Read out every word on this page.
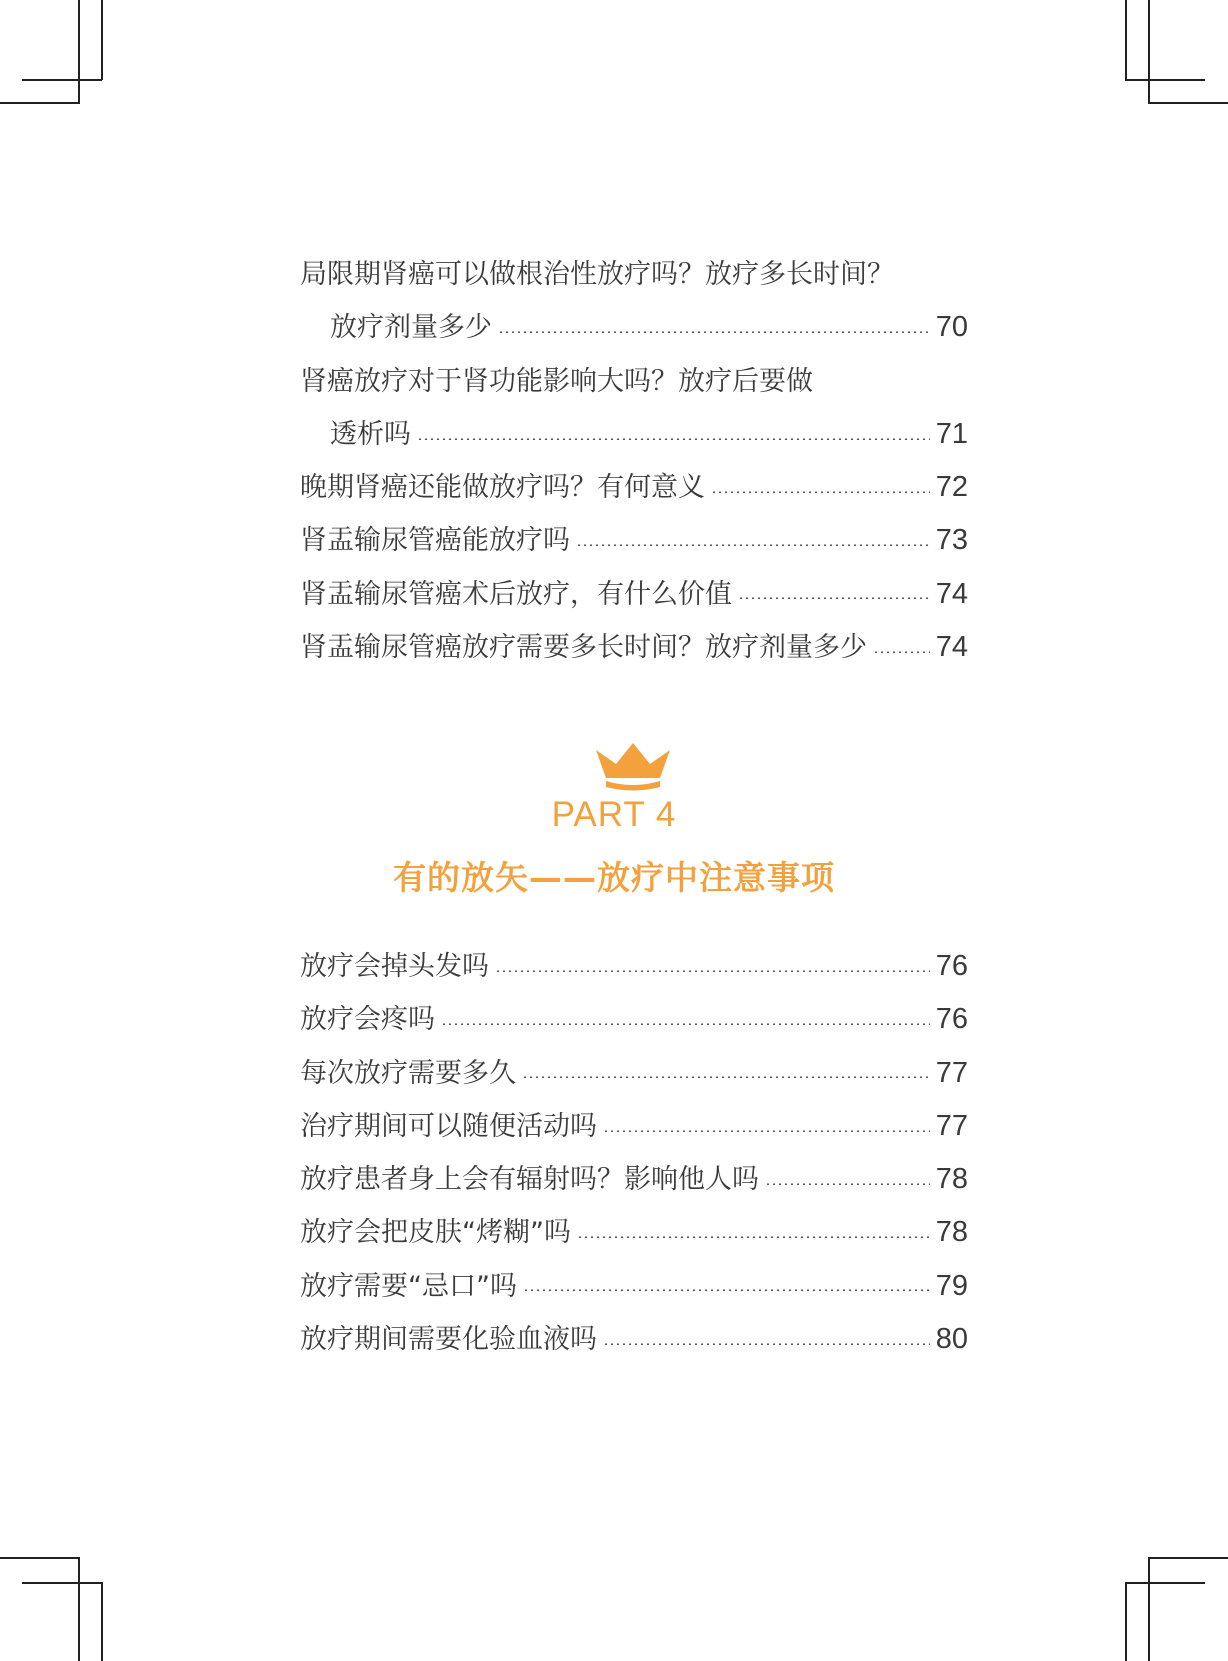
局限期肾癌可以做根治性放疗吗？放疗多长时间？
放疗剂量多少	70
肾癌放疗对于肾功能影响大吗？放疗后要做
透析吗	71
晚期肾癌还能做放疗吗？有何意义	72
肾盂输尿管癌能放疗吗	73
肾盂输尿管癌术后放疗，有什么价值	74
肾盂输尿管癌放疗需要多长时间？放疗剂量多少 74
PART 4
有的放矢——放疗中注意事项
放疗会掉头发吗	76
放疗会疼吗	76
每次放疗需要多久	77
治疗期间可以随便活动吗	77
放疗患者身上会有辐射吗？影响他人吗	78
放疗会把皮肤“烤糊”吗	78
放疗需要“忌口”吗	79
放疗期间需要化验血液吗	80
